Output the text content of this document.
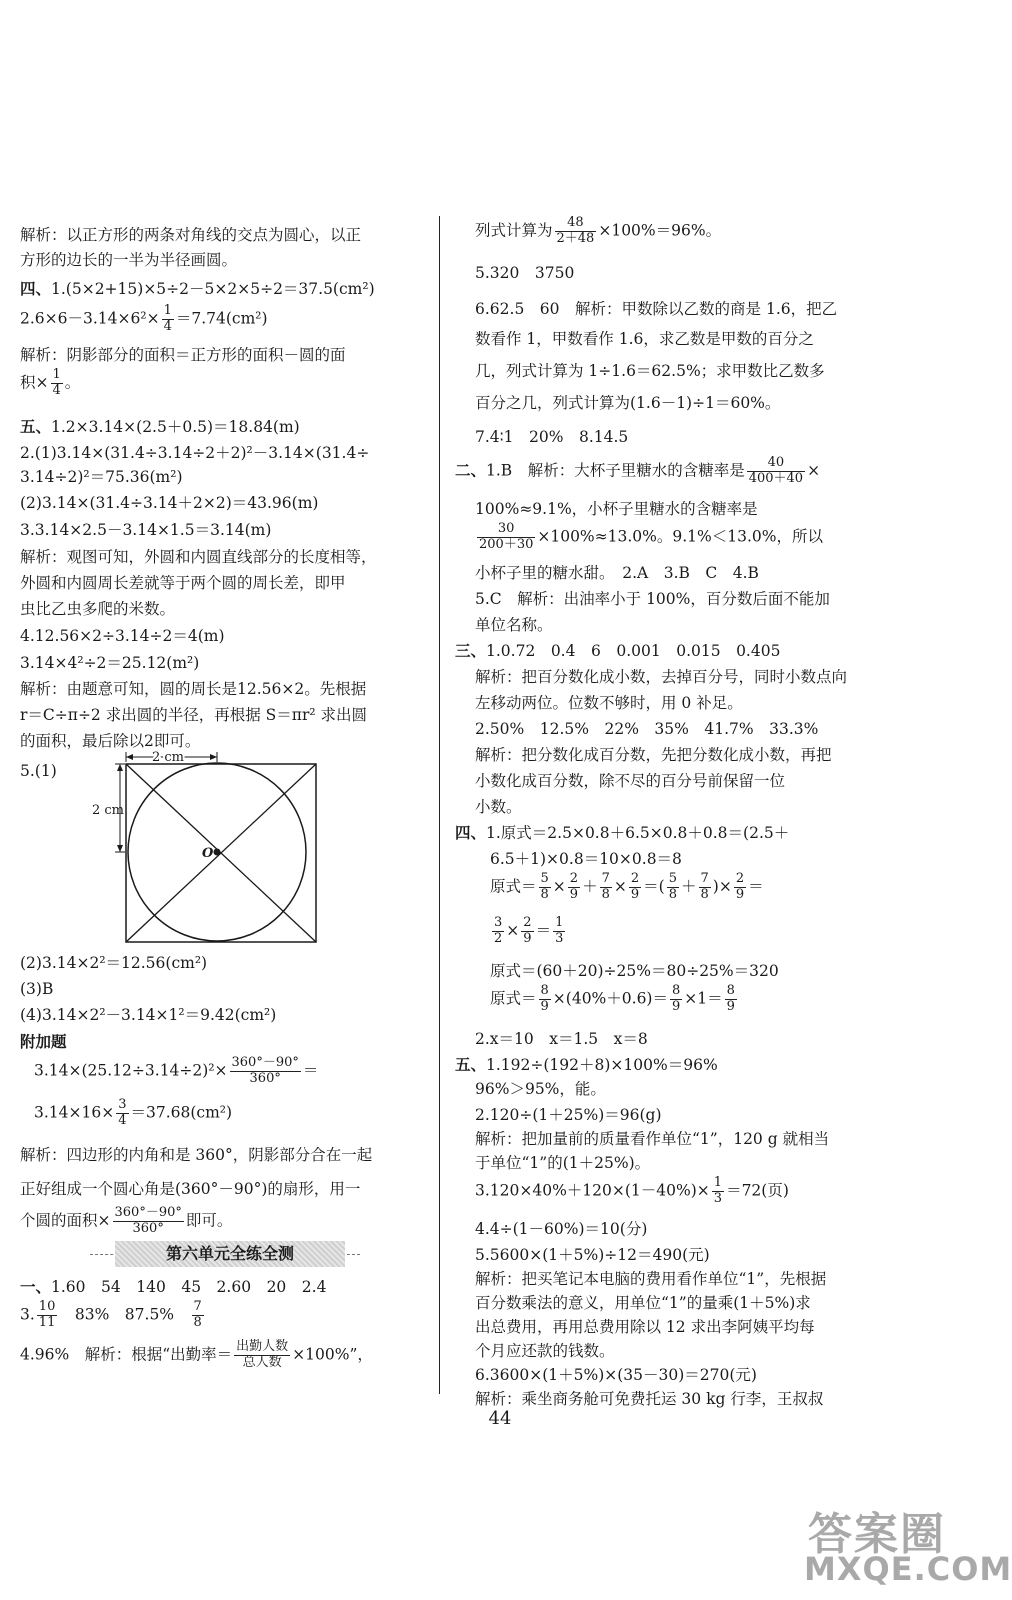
解析：以正方形的两条对角线的交点为圆心，以正
方形的边长的一半为半径画圆。
四、1.(5×2+15)×5÷2－5×2×5÷2＝37.5(cm²)
$2.6\times 6-3.14\times 6^2\times \frac{1}{4} =7.74(cm^2)$
解析：阴影部分的面积＝正方形的面积－圆的面
积× $\frac{1}{4}$ 。
五、1.2×3.14×(2.5＋0.5)＝18.84(m)
2.(1)3.14×(31.4÷3.14÷2＋2)²－3.14×(31.4÷
3.14÷2)²＝75.36(m²)
(2)3.14×(31.4÷3.14＋2×2)＝43.96(m)
3.3.14×2.5－3.14×1.5＝3.14(m)
解析：观图可知，外圆和内圆直线部分的长度相等，
外圆和内圆周长差就等于两个圆的周长差，即甲
虫比乙虫多爬的米数。
4.12.56×2÷3.14÷2＝4(m)
3.14×4²÷2＝25.12(m²)
解析：由题意可知，圆的周长是12.56×2。先根据
r＝C÷π÷2 求出圆的半径，再根据 S＝πr² 求出圆
的面积，最后除以2即可。
5.(1)
2 cm
2 cm
O
(2)3.14×2²＝12.56(cm²)
(3)B
(4)3.14×2²－3.14×1²＝9.42(cm²)
附加题
$3.14\times(25.12\div 3.14\div 2)^2\times \frac{360^\circ-90^\circ}{360^\circ}$ ＝
$3.14\times 16\times \frac{3}{4} =37.68(cm^2)$
解析：四边形的内角和是 360°，阴影部分合在一起
正好组成一个圆心角是(360°－90°)的扇形，用一
个圆的面积× $\frac{360^\circ-90^\circ}{360^\circ}$ 即可。
第六单元全练全测
一、1.60　54　140　45　2.60　20　2.4
3. $\frac{10}{11}$ 　83%　87.5%　 $\frac{7}{8}$
4.96%　解析：根据“出勤率＝ $\frac{\text{出勤人数}}{\text{总人数}} \times 100\%$”，
列式计算为 $\frac{48}{2+48} \times 100\%=96\%$。
5.320　3750
6.62.5　60　解析：甲数除以乙数的商是 1.6，把乙
数看作 1，甲数看作 1.6，求乙数是甲数的百分之
几，列式计算为 1÷1.6＝62.5%；求甲数比乙数多
百分之几，列式计算为(1.6－1)÷1＝60%。
7.4∶1　20%　8.14.5
二、1.B　解析：大杯子里糖水的含糖率是 $\frac{40}{400+40}$ ×
100%≈9.1%，小杯子里糖水的含糖率是
$\frac{30}{200+30} \times 100\%\approx 13.0\%$。9.1%＜13.0%，所以
小杯子里的糖水甜。　2.A　3.B　C　4.B
5.C　解析：出油率小于 100%，百分数后面不能加
单位名称。
三、1.0.72　0.4　6　0.001　0.015　0.405
解析：把百分数化成小数，去掉百分号，同时小数点向
左移动两位。位数不够时，用 0 补足。
2.50%　12.5%　22%　35%　41.7%　33.3%
解析：把分数化成百分数，先把分数化成小数，再把
小数化成百分数，除不尽的百分号前保留一位
小数。
四、1.原式＝2.5×0.8＋6.5×0.8＋0.8＝(2.5＋
6.5＋1)×0.8＝10×0.8＝8
原式＝ $\frac{5}{8} \times \frac{2}{9} + \frac{7}{8} \times \frac{2}{9}$ ＝( $\frac{5}{8} + \frac{7}{8}$ )× $\frac{2}{9}$ ＝
$\frac{3}{2} \times \frac{2}{9} = \frac{1}{3}$
原式＝(60＋20)÷25%＝80÷25%＝320
原式＝ $\frac{8}{9} \times(40\%+0.6)= \frac{8}{9} \times 1= \frac{8}{9}$
2.x＝10　x＝1.5　x＝8
五、1.192÷(192＋8)×100%＝96%
96%＞95%，能。
2.120÷(1＋25%)＝96(g)
解析：把加量前的质量看作单位“1”，120 g 就相当
于单位“1”的(1＋25%)。
$3.120\times 40\%+120\times(1-40\%)\times \frac{1}{3} =72$(页)
4.4÷(1－60%)＝10(分)
5.5600×(1＋5%)÷12＝490(元)
解析：把买笔记本电脑的费用看作单位“1”，先根据
百分数乘法的意义，用单位“1”的量乘(1＋5%)求
出总费用，再用总费用除以 12 求出李阿姨平均每
个月应还款的钱数。
6.3600×(1＋5%)×(35－30)＝270(元)
解析：乘坐商务舱可免费托运 30 kg 行李，王叔叔
44
答案圈
MXQE.COM
